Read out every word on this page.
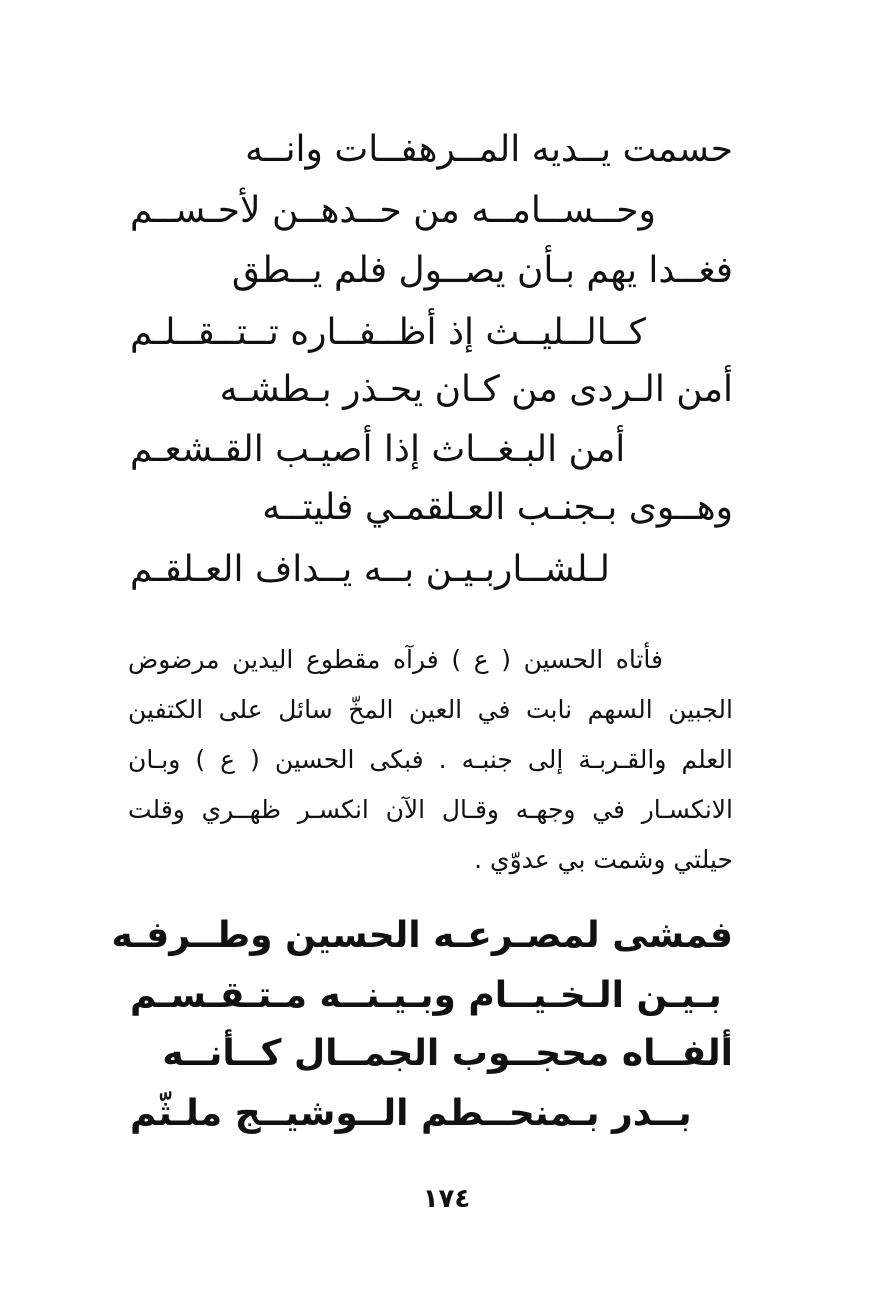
حسمت يــديه المــرهفــات وانــه
وحــســامــه من حــدهــن لأحـســم
فغــدا يهم بـأن يصــول فلم يــطق
كــالــليــث إذ أظــفــاره تــتــقــلـم
أمن الـردى من كـان يحـذر بـطشـه
أمن البـغــاث إذا أصيـب القـشعـم
وهــوى بـجنـب العـلقمـي فليتــه
لـلشــاربـيـن بــه يــداف العـلقـم
فأتاه الحسين ( ع ) فرآه مقطوع اليدين مرضوض
الجبين السهم نابت في العين المخّ سائل على الكتفين
العلم والقـربـة إلى جنبـه . فبكى الحسين ( ع ) وبـان
الانكسـار في وجهـه وقـال الآن انكسـر ظهــري وقلت
حيلتي وشمت بي عدوّي .
فمشى لمصـرعـه الحسين وطــرفـه
بـيـن الـخـيــام وبـيـنــه مـتـقـسـم
ألفــاه محجــوب الجمــال كــأنــه
بــدر بـمنحــطم الــوشيــج ملـثّم
١٧٤
